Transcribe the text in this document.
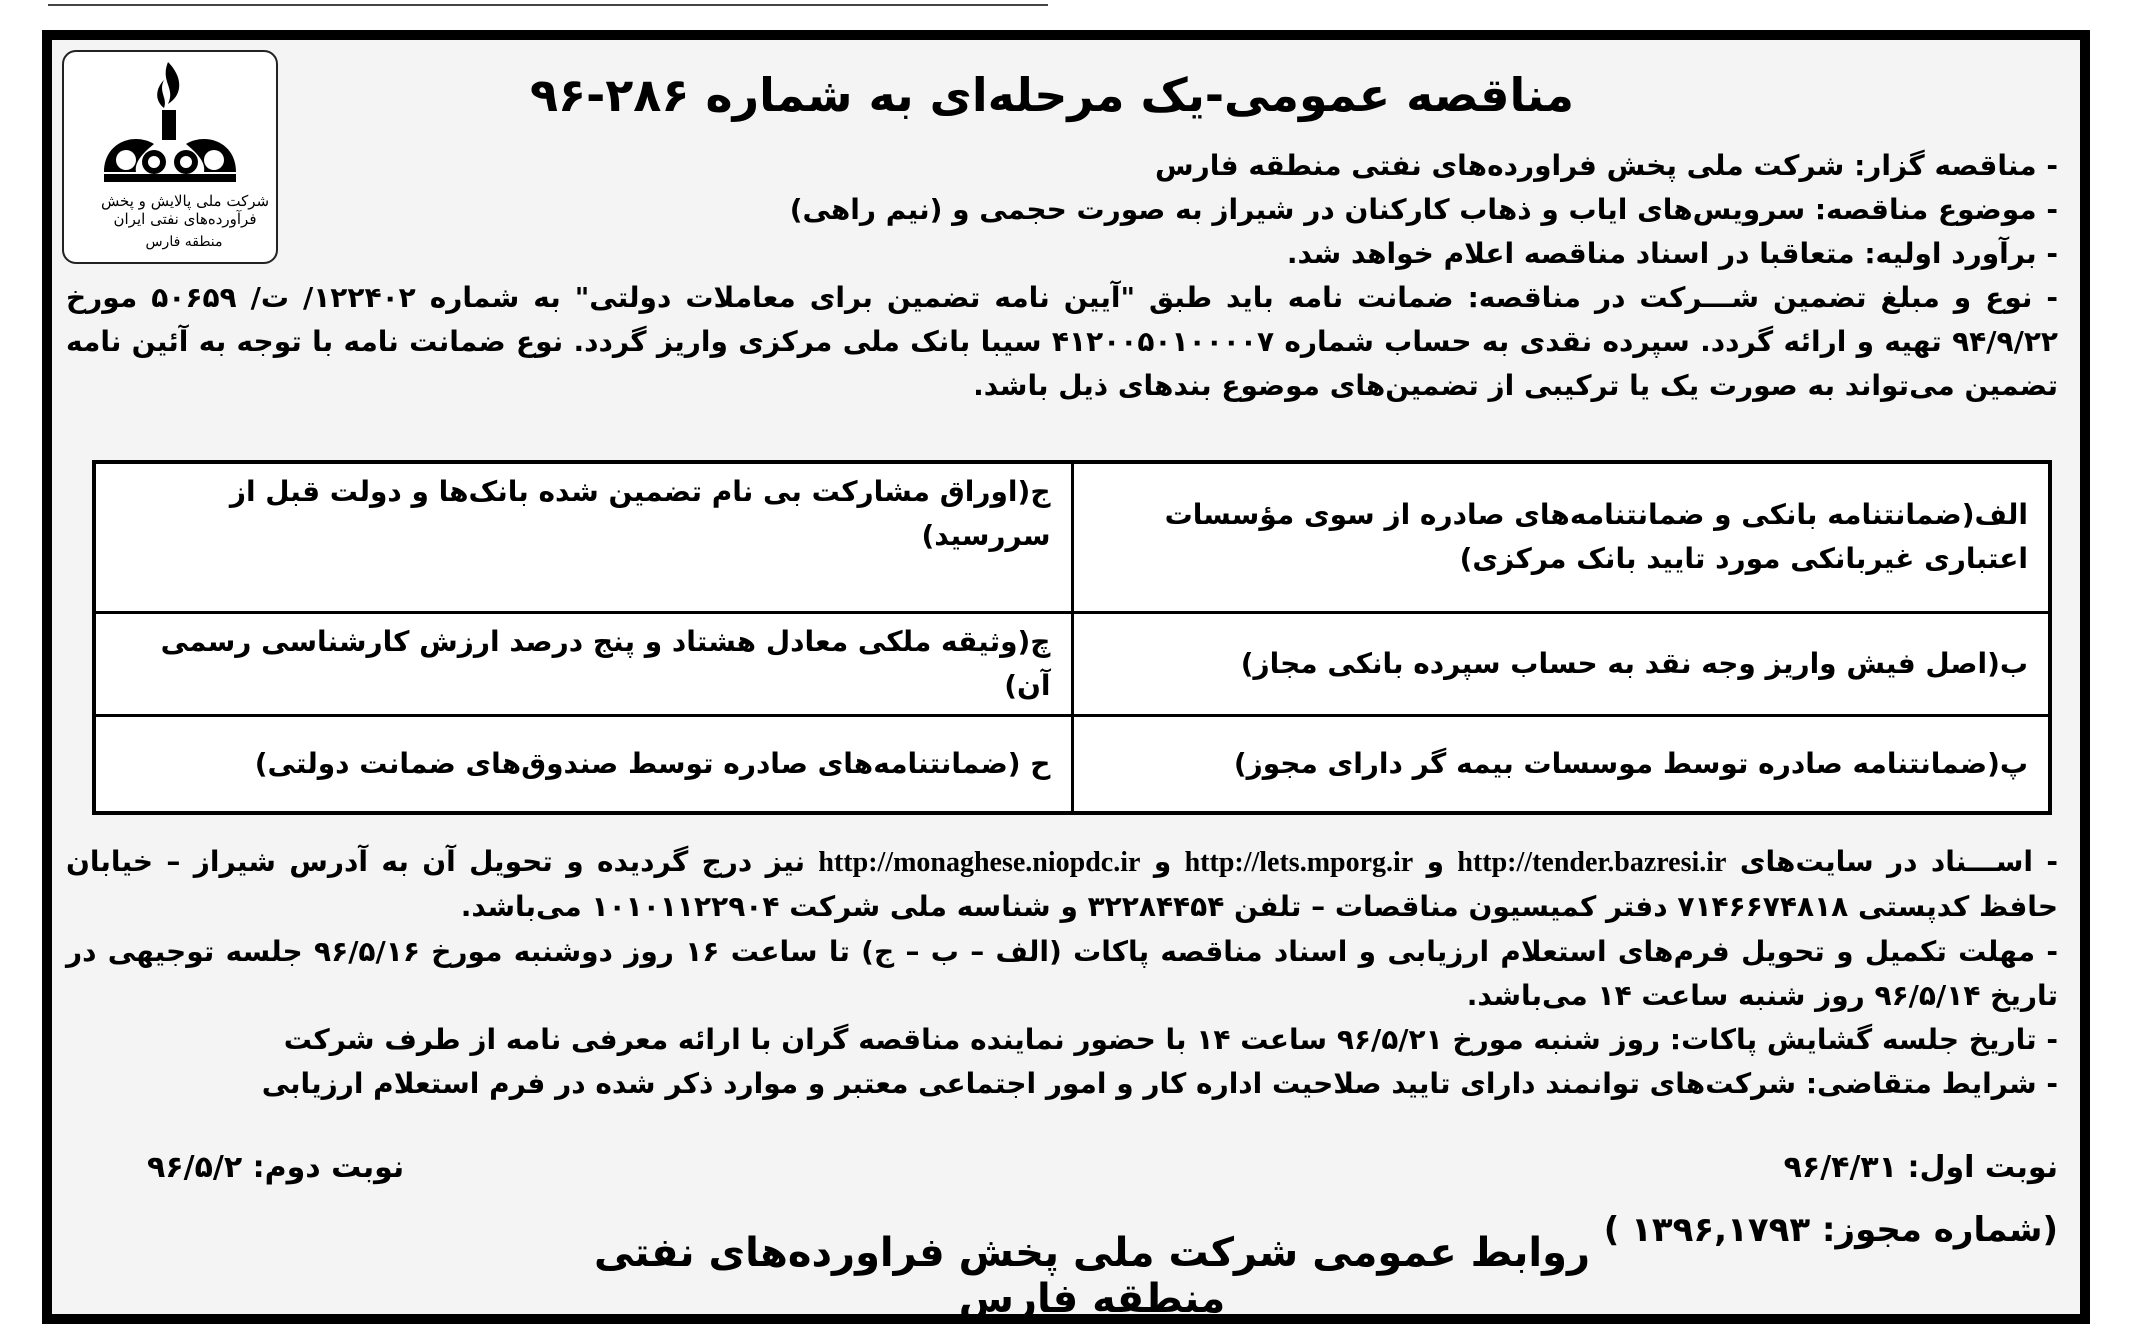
شرکت ملی پالایش و پخش فرآورده‌های نفتی ایران
منطقه فارس
مناقصه عمومی-یک مرحله‌ای به شماره ۲۸۶-۹۶
- مناقصه گزار: شرکت ملی پخش فراورده‌های نفتی منطقه فارس
- موضوع مناقصه: سرویس‌های ایاب و ذهاب کارکنان در شیراز به صورت حجمی و (نیم راهی)
- برآورد اولیه: متعاقبا در اسناد مناقصه اعلام خواهد شد.
- نوع و مبلغ تضمین شـــرکت در مناقصه: ضمانت نامه باید طبق "آیین نامه تضمین برای معاملات دولتی" به شماره ۱۲۲۴۰۲/ ت/ ۵۰۶۵۹ مورخ ۹۴/۹/۲۲ تهیه و ارائه گردد. سپرده نقدی به حساب شماره ۴۱۲۰۰۵۰۱۰۰۰۰۷ سیبا بانک ملی مرکزی واریز گردد. نوع ضمانت نامه با توجه به آئین نامه تضمین می‌تواند به صورت یک یا ترکیبی از تضمین‌های موضوع بندهای ذیل باشد.
الف(ضمانتنامه بانکی و ضمانتنامه‌های صادره از سوی مؤسسات اعتباری غیربانکی مورد تایید بانک مرکزی)	ج(اوراق مشارکت بی نام تضمین شده بانک‌ها و دولت قبل از سررسید)
ب(اصل فیش واریز وجه نقد به حساب سپرده بانکی مجاز)	چ(وثیقه ملکی معادل هشتاد و پنج درصد ارزش کارشناسی رسمی آن)
پ(ضمانتنامه صادره توسط موسسات بیمه گر دارای مجوز)	ح (ضمانتنامه‌های صادره توسط صندوق‌های ضمانت دولتی)
- اســـناد در سایت‌های http://tender.bazresi.ir و http://lets.mporg.ir و http://monaghese.niopdc.ir نیز درج گردیده و تحویل آن به آدرس شیراز – خیابان حافظ کدپستی ۷۱۴۶۶۷۴۸۱۸ دفتر کمیسیون مناقصات – تلفن ۳۲۲۸۴۴۵۴ و شناسه ملی شرکت ۱۰۱۰۱۱۲۲۹۰۴ می‌باشد.
- مهلت تکمیل و تحویل فرم‌های استعلام ارزیابی و اسناد مناقصه پاکات (الف – ب – ج) تا ساعت ۱۶ روز دوشنبه مورخ ۹۶/۵/۱۶ جلسه توجیهی در تاریخ ۹۶/۵/۱۴ روز شنبه ساعت ۱۴ می‌باشد.
- تاریخ جلسه گشایش پاکات: روز شنبه مورخ ۹۶/۵/۲۱ ساعت ۱۴ با حضور نماینده مناقصه گران با ارائه معرفی نامه از طرف شرکت
- شرایط متقاضی: شرکت‌های توانمند دارای تایید صلاحیت اداره کار و امور اجتماعی معتبر و موارد ذکر شده در فرم استعلام ارزیابی
نوبت اول: ۹۶/۴/۳۱
نوبت دوم: ۹۶/۵/۲
(شماره مجوز: ۱۳۹۶,۱۷۹۳ )
روابط عمومی شرکت ملی پخش فراورده‌های نفتی منطقه فارس
